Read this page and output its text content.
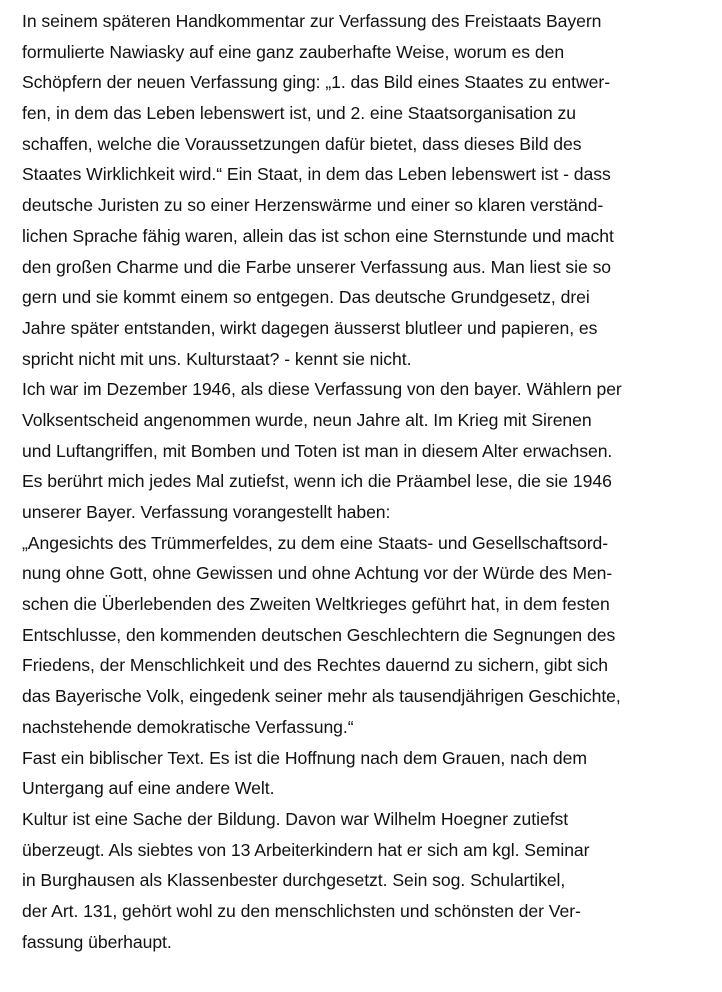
In seinem späteren Handkommentar zur Verfassung des Freistaats Bayern
formulierte Nawiasky auf eine ganz zauberhafte Weise, worum es den
Schöpfern der neuen Verfassung ging: „1. das Bild eines Staates zu entwer-
fen, in dem das Leben lebenswert ist, und 2. eine Staatsorganisation zu
schaffen, welche die Voraussetzungen dafür bietet, dass dieses Bild des
Staates Wirklichkeit wird.“ Ein Staat, in dem das Leben lebenswert ist - dass
deutsche Juristen zu so einer Herzenswärme und einer so klaren verständ-
lichen Sprache fähig waren, allein das ist schon eine Sternstunde und macht
den großen Charme und die Farbe unserer Verfassung aus. Man liest sie so
gern und sie kommt einem so entgegen. Das deutsche Grundgesetz, drei
Jahre später entstanden, wirkt dagegen äusserst blutleer und papieren, es
spricht nicht mit uns. Kulturstaat? - kennt sie nicht.
Ich war im Dezember 1946, als diese Verfassung von den bayer. Wählern per
Volksentscheid angenommen wurde, neun Jahre alt. Im Krieg mit Sirenen
und Luftangriffen, mit Bomben und Toten ist man in diesem Alter erwachsen.
Es berührt mich jedes Mal zutiefst, wenn ich die Präambel lese, die sie 1946
unserer Bayer. Verfassung vorangestellt haben:
„Angesichts des Trümmerfeldes, zu dem eine Staats- und Gesellschaftsord-
nung ohne Gott, ohne Gewissen und ohne Achtung vor der Würde des Men-
schen die Überlebenden des Zweiten Weltkrieges geführt hat, in dem festen
Entschlusse, den kommenden deutschen Geschlechtern die Segnungen des
Friedens, der Menschlichkeit und des Rechtes dauernd zu sichern, gibt sich
das Bayerische Volk, eingedenk seiner mehr als tausendjährigen Geschichte,
nachstehende demokratische Verfassung.“
Fast ein biblischer Text. Es ist die Hoffnung nach dem Grauen, nach dem
Untergang auf eine andere Welt.
Kultur ist eine Sache der Bildung. Davon war Wilhelm Hoegner zutiefst
überzeugt. Als siebtes von 13 Arbeiterkindern hat er sich am kgl. Seminar
in Burghausen als Klassenbester durchgesetzt. Sein sog. Schulartikel,
der Art. 131, gehört wohl zu den menschlichsten und schönsten der Ver-
fassung überhaupt.
